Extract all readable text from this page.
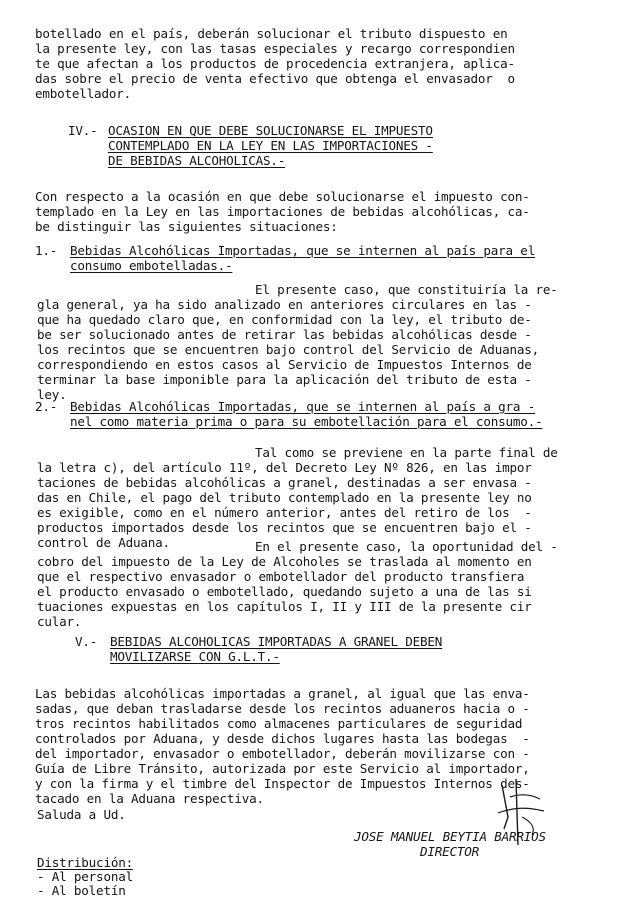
botellado en el país, deberán solucionar el tributo dispuesto en

la presente ley, con las tasas especiales y recargo correspondien

te que afectan a los productos de procedencia extranjera, aplica-

das sobre el precio de venta efectivo que obtenga el envasador  o

embotellador.

IV.- OCASION EN QUE DEBE SOLUCIONARSE EL IMPUESTO

CONTEMPLADO EN LA LEY EN LAS IMPORTACIONES -

DE BEBIDAS ALCOHOLICAS.-

Con respecto a la ocasión en que debe solucionarse el impuesto con-

templado en la Ley en las importaciones de bebidas alcohólicas, ca-

be distinguir las siguientes situaciones:

1.- Bebidas Alcohólicas Importadas, que se internen al país para el

consumo embotelladas.-

El presente caso, que constituiría la re-

gla general, ya ha sido analizado en anteriores circulares en las -

que ha quedado claro que, en conformidad con la ley, el tributo de-

be ser solucionado antes de retirar las bebidas alcohólicas desde -

los recintos que se encuentren bajo control del Servicio de Aduanas,

correspondiendo en estos casos al Servicio de Impuestos Internos de

terminar la base imponible para la aplicación del tributo de esta -

ley.

2.- Bebidas Alcohólicas Importadas, que se internen al país a gra -

nel como materia prima o para su embotellación para el consumo.-

Tal como se previene en la parte final de

la letra c), del artículo 11º, del Decreto Ley Nº 826, en las impor

taciones de bebidas alcohólicas a granel, destinadas a ser envasa -

das en Chile, el pago del tributo contemplado en la presente ley no

es exigible, como en el número anterior, antes del retiro de los  -

productos importados desde los recintos que se encuentren bajo el -

control de Aduana.	En el presente caso, la oportunidad del -

cobro del impuesto de la Ley de Alcoholes se traslada al momento en

que el respectivo envasador o embotellador del producto transfiera

el producto envasado o embotellado, quedando sujeto a una de las si

tuaciones expuestas en los capítulos I, II y III de la presente cir

cular.

V.- BEBIDAS ALCOHOLICAS IMPORTADAS A GRANEL DEBEN

MOVILIZARSE CON G.L.T.-

Las bebidas alcohólicas importadas a granel, al igual que las enva-

sadas, que deban trasladarse desde los recintos aduaneros hacia o -

tros recintos habilitados como almacenes particulares de seguridad

controlados por Aduana, y desde dichos lugares hasta las bodegas  -

del importador, envasador o embotellador, deberán movilizarse con -

Guía de Libre Tránsito, autorizada por este Servicio al importador,

y con la firma y el timbre del Inspector de Impuestos Internos des-

tacado en la Aduana respectiva.

Saluda a Ud.

JOSE MANUEL BEYTIA BARRIOS

DIRECTOR

Distribución:

- Al personal

- Al boletín
